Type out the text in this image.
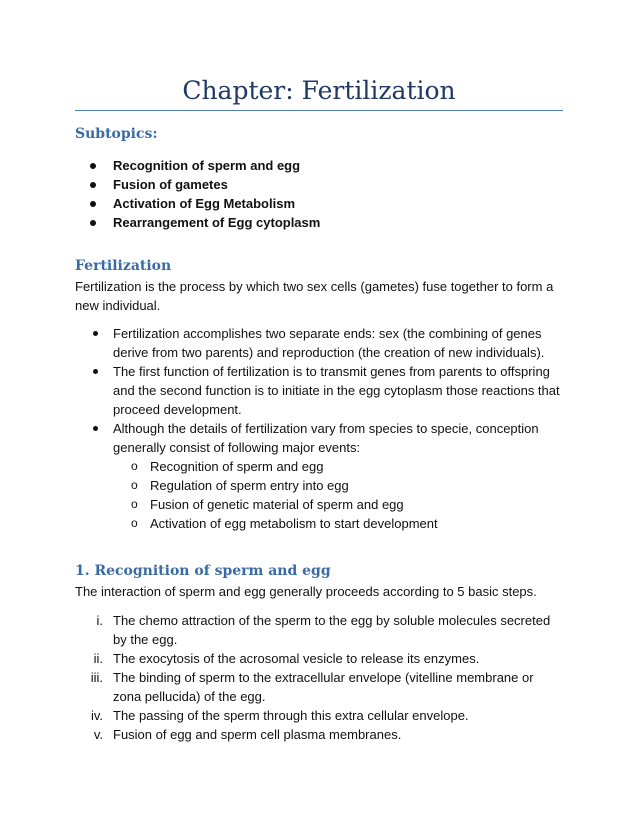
Chapter: Fertilization
Subtopics:
Recognition of sperm and egg
Fusion of gametes
Activation of Egg Metabolism
Rearrangement of Egg cytoplasm
Fertilization
Fertilization is the process by which two sex cells (gametes) fuse together to form a new individual.
Fertilization accomplishes two separate ends: sex (the combining of genes derive from two parents) and reproduction (the creation of new individuals).
The first function of fertilization is to transmit genes from parents to offspring and the second function is to initiate in the egg cytoplasm those reactions that proceed development.
Although the details of fertilization vary from species to specie, conception generally consist of following major events:
o Recognition of sperm and egg
o Regulation of sperm entry into egg
o Fusion of genetic material of sperm and egg
o Activation of egg metabolism to start development
1. Recognition of sperm and egg
The interaction of sperm and egg generally proceeds according to 5 basic steps.
i. The chemo attraction of the sperm to the egg by soluble molecules secreted by the egg.
ii. The exocytosis of the acrosomal vesicle to release its enzymes.
iii. The binding of sperm to the extracellular envelope (vitelline membrane or zona pellucida) of the egg.
iv. The passing of the sperm through this extra cellular envelope.
v. Fusion of egg and sperm cell plasma membranes.
